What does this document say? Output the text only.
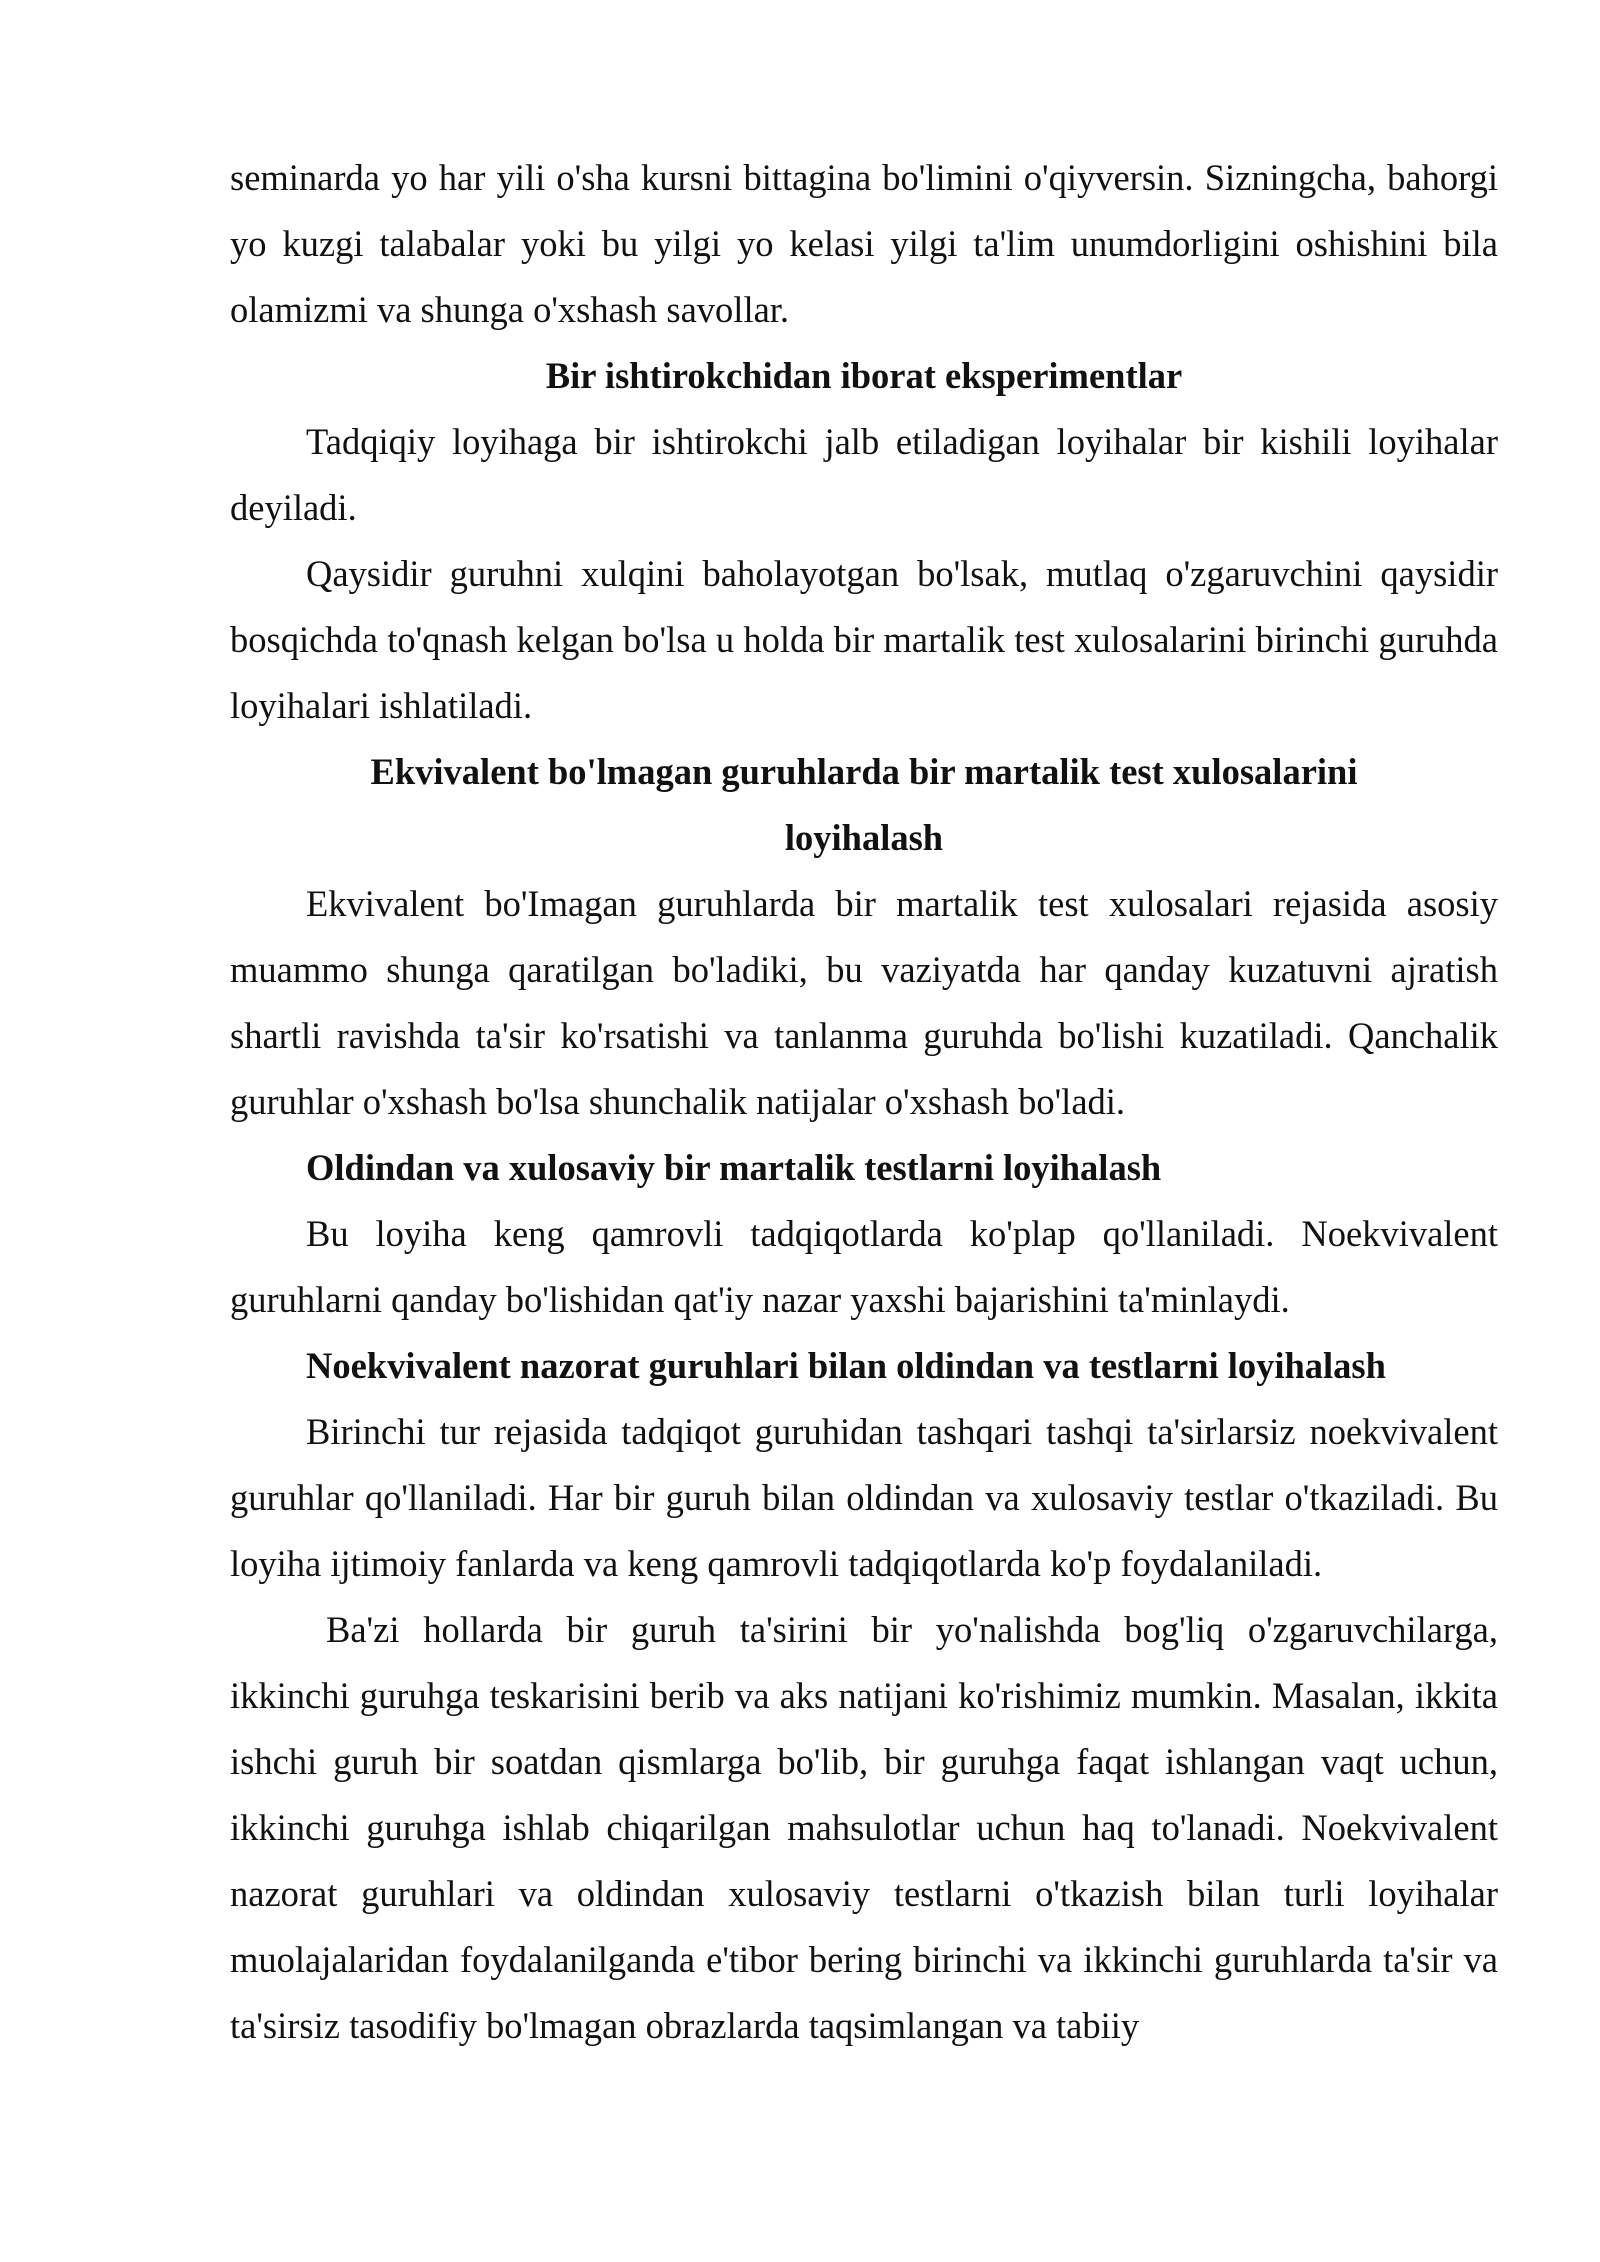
seminarda yo har yili o'sha kursni bittagina bo'limini o'qiyversin. Sizningcha, bahorgi yo kuzgi talabalar yoki bu yilgi yo kelasi yilgi ta'lim unumdorligini oshishini bila olamizmi va shunga o'xshash savollar.

Bir ishtirokchidan iborat eksperimentlar

Tadqiqiy loyihaga bir ishtirokchi jalb etiladigan loyihalar bir kishili loyihalar deyiladi.

Qaysidir guruhni xulqini baholayotgan bo'lsak, mutlaq o'zgaruvchini qaysidir bosqichda to'qnash kelgan bo'lsa u holda bir martalik test xulosalarini birinchi guruhda loyihalari ishlatiladi.

Ekvivalent bo'lmagan guruhlarda bir martalik test xulosalarini

loyihalash

Ekvivalent bo'Imagan guruhlarda bir martalik test xulosalari rejasida asosiy muammo shunga qaratilgan bo'ladiki, bu vaziyatda har qanday kuzatuvni ajratish shartli ravishda ta'sir ko'rsatishi va tanlanma guruhda bo'lishi kuzatiladi. Qanchalik guruhlar o'xshash bo'lsa shunchalik natijalar o'xshash bo'ladi.

Oldindan va xulosaviy bir martalik testlarni loyihalash

Bu loyiha keng qamrovli tadqiqotlarda ko'plap qo'llaniladi. Noekvivalent guruhlarni qanday bo'lishidan qat'iy nazar yaxshi bajarishini ta'minlaydi.

Noekvivalent nazorat guruhlari bilan oldindan va testlarni loyihalash

Birinchi tur rejasida tadqiqot guruhidan tashqari tashqi ta'sirlarsiz noekvivalent guruhlar qo'llaniladi. Har bir guruh bilan oldindan va xulosaviy testlar o'tkaziladi. Bu loyiha ijtimoiy fanlarda va keng qamrovli tadqiqotlarda ko'p foydalaniladi.

Ba'zi hollarda bir guruh ta'sirini bir yo'nalishda bog'liq o'zgaruvchilarga, ikkinchi guruhga teskarisini berib va aks natijani ko'rishimiz mumkin. Masalan, ikkita ishchi guruh bir soatdan qismlarga bo'lib, bir guruhga faqat ishlangan vaqt uchun, ikkinchi guruhga ishlab chiqarilgan mahsulotlar uchun haq to'lanadi. Noekvivalent nazorat guruhlari va oldindan xulosaviy testlarni o'tkazish bilan turli loyihalar muolajalaridan foydalanilganda e'tibor bering birinchi va ikkinchi guruhlarda ta'sir va ta'sirsiz tasodifiy bo'lmagan obrazlarda taqsimlangan va tabiiy
